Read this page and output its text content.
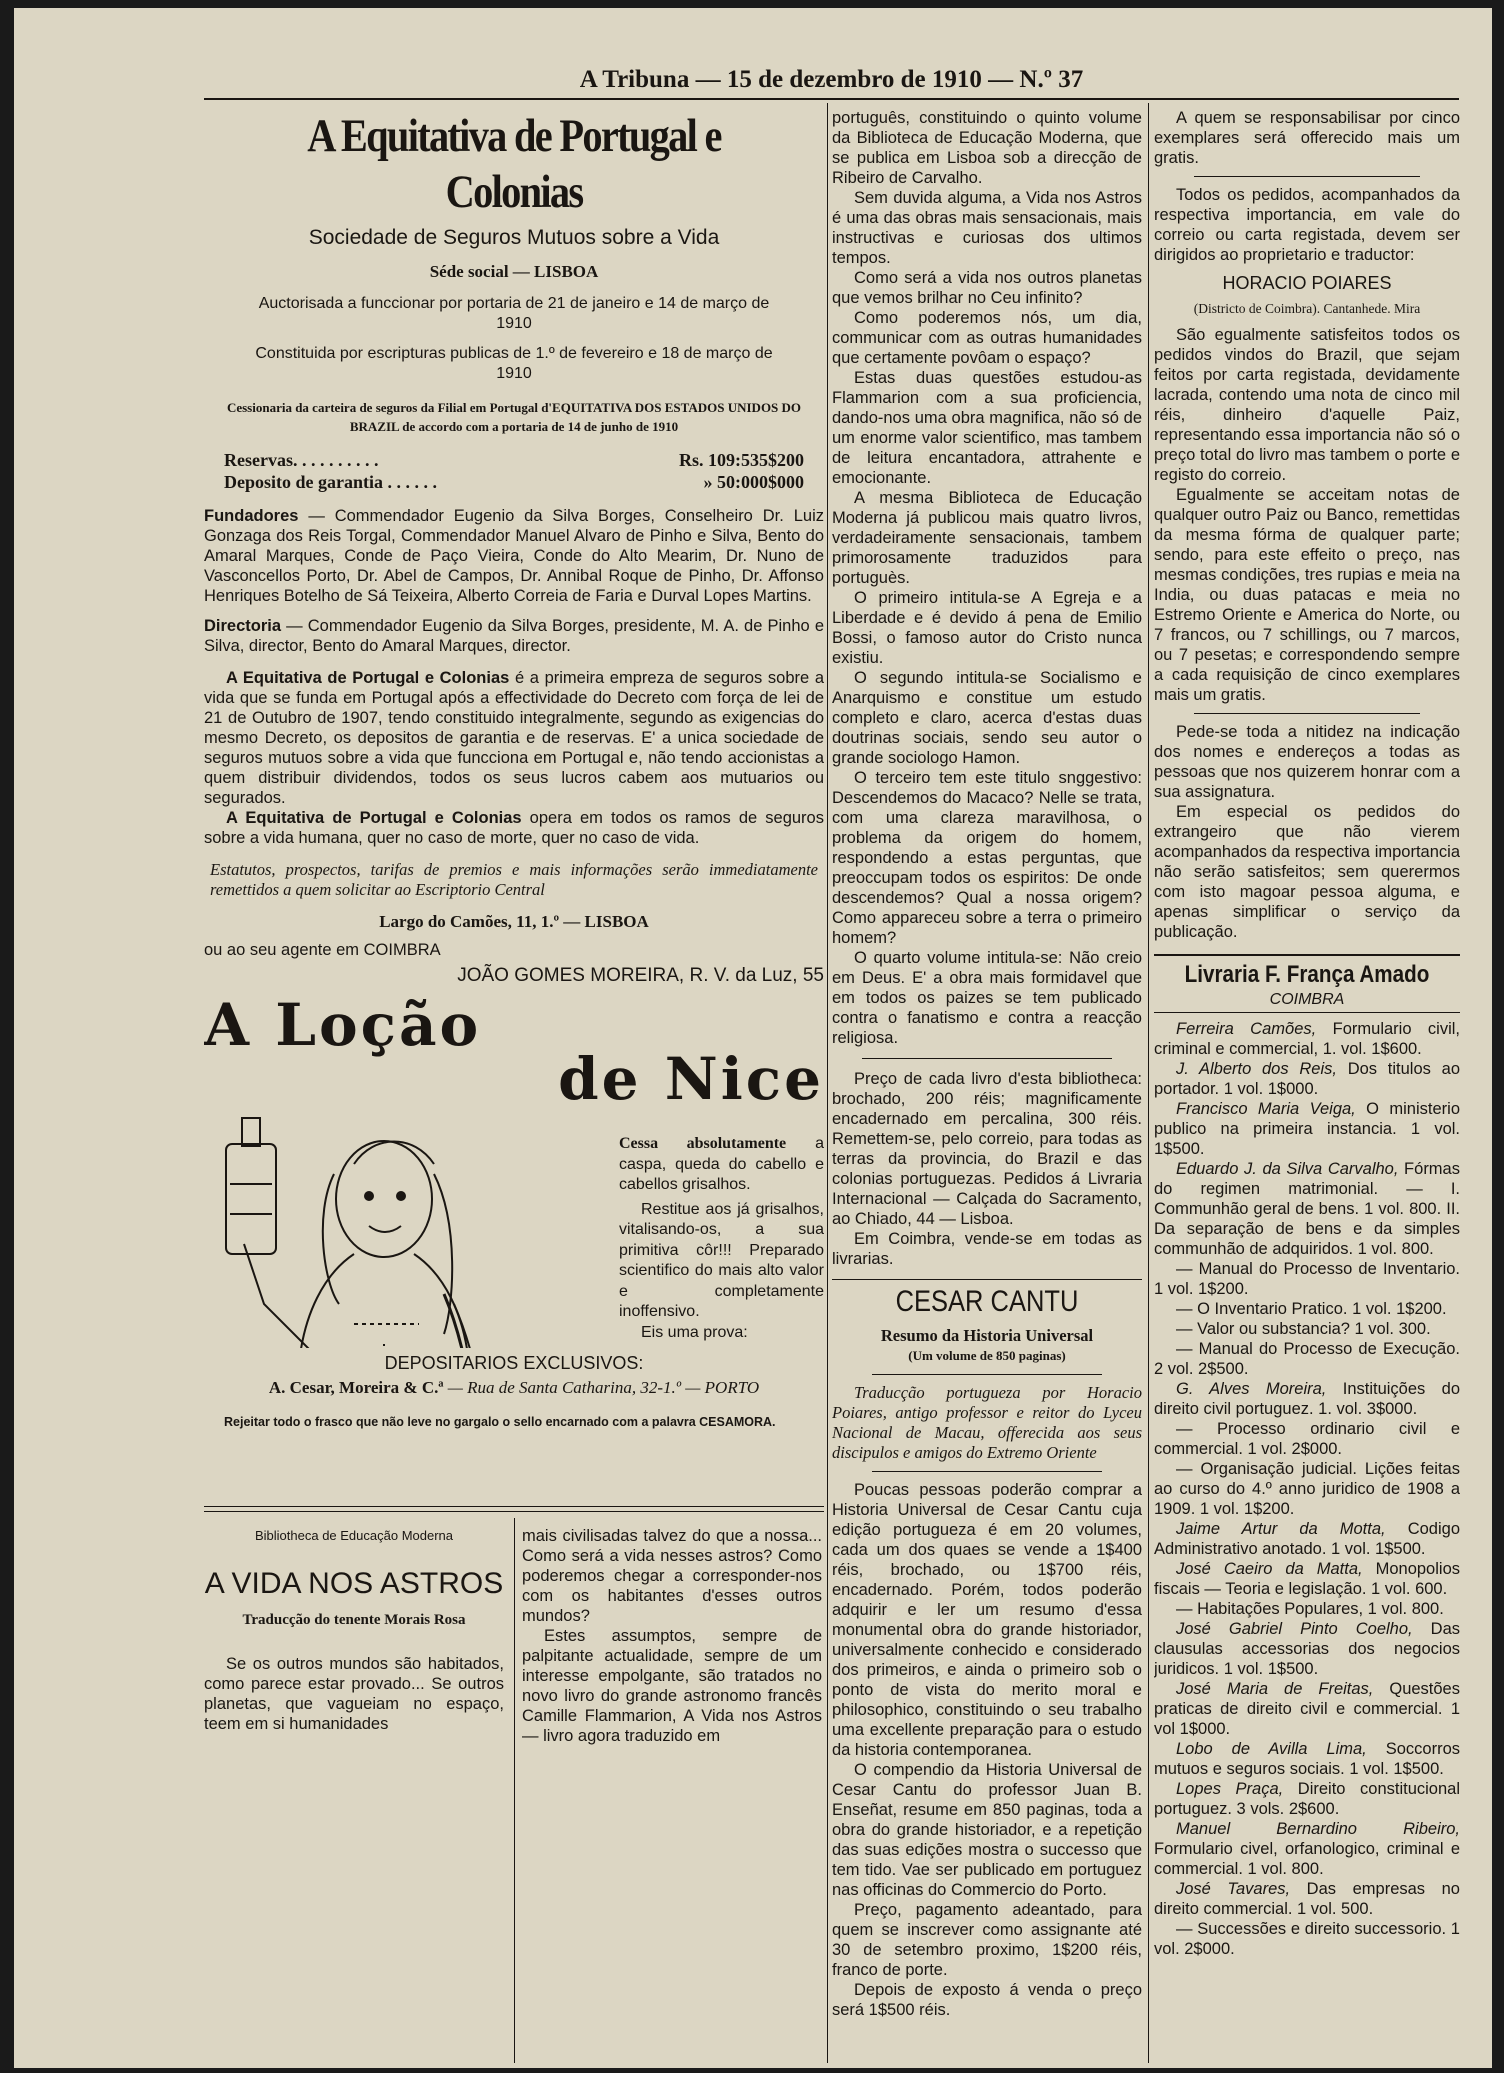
A Tribuna — 15 de dezembro de 1910 — N.º 37
A Equitativa de Portugal e Colonias
Sociedade de Seguros Mutuos sobre a Vida
Séde social — LISBOA
Auctorisada a funccionar por portaria de 21 de janeiro e 14 de março de 1910
Constituida por escripturas publicas de 1.º de fevereiro e 18 de março de 1910
Cessionaria da carteira de seguros da Filial em Portugal d'EQUITATIVA DOS ESTADOS UNIDOS DO BRAZIL de accordo com a portaria de 14 de junho de 1910
Reservas. . . . . . . . . .	Rs. 109:535$200
Deposito de garantia . . . . . .	» 50:000$000

Fundadores — Commendador Eugenio da Silva Borges, Conselheiro Dr. Luiz Gonzaga dos Reis Torgal, Commendador Manuel Alvaro de Pinho e Silva, Bento do Amaral Marques, Conde de Paço Vieira, Conde do Alto Mearim, Dr. Nuno de Vasconcellos Porto, Dr. Abel de Campos, Dr. Annibal Roque de Pinho, Dr. Affonso Henriques Botelho de Sá Teixeira, Alberto Correia de Faria e Durval Lopes Martins.

Directoria — Commendador Eugenio da Silva Borges, presidente, M. A. de Pinho e Silva, director, Bento do Amaral Marques, director.

A Equitativa de Portugal e Colonias é a primeira empreza de seguros sobre a vida que se funda em Portugal após a effectividade do Decreto com força de lei de 21 de Outubro de 1907, tendo constituido integralmente, segundo as exigencias do mesmo Decreto, os depositos de garantia e de reservas. E' a unica sociedade de seguros mutuos sobre a vida que funcciona em Portugal e, não tendo accionistas a quem distribuir dividendos, todos os seus lucros cabem aos mutuarios ou segurados.

A Equitativa de Portugal e Colonias opera em todos os ramos de seguros sobre a vida humana, quer no caso de morte, quer no caso de vida.

Estatutos, prospectos, tarifas de premios e mais informações serão immediatamente remettidos a quem solicitar ao Escriptorio Central

Largo do Camões, 11, 1.º — LISBOA
ou ao seu agente em COIMBRA
JOÃO GOMES MOREIRA, R. V. da Luz, 55
A Loção
de Nice

Cessa absolutamente a caspa, queda do cabello e cabellos grisalhos.

Restitue aos já grisalhos, vitalisando-os, a sua primitiva côr!!! Preparado scientifico do mais alto valor e completamente inoffensivo.

Eis uma prova:

DEPOSITARIOS EXCLUSIVOS:
A. Cesar, Moreira & C.ª — Rua de Santa Catharina, 32-1.º — PORTO
Rejeitar todo o frasco que não leve no gargalo o sello encarnado com a palavra CESAMORA.
Bibliotheca de Educação Moderna
A VIDA NOS ASTROS
Traducção do tenente Morais Rosa

Se os outros mundos são habitados, como parece estar provado... Se outros planetas, que vagueiam no espaço, teem em si humanidades

mais civilisadas talvez do que a nossa... Como será a vida nesses astros? Como poderemos chegar a corresponder-nos com os habitantes d'esses outros mundos?

Estes assumptos, sempre de palpitante actualidade, sempre de um interesse empolgante, são tratados no novo livro do grande astronomo francês Camille Flammarion, A Vida nos Astros — livro agora traduzido em

português, constituindo o quinto volume da Biblioteca de Educação Moderna, que se publica em Lisboa sob a direcção de Ribeiro de Carvalho.

Sem duvida alguma, a Vida nos Astros é uma das obras mais sensacionais, mais instructivas e curiosas dos ultimos tempos.

Como será a vida nos outros planetas que vemos brilhar no Ceu infinito?

Como poderemos nós, um dia, communicar com as outras humanidades que certamente povôam o espaço?

Estas duas questões estudou-as Flammarion com a sua proficiencia, dando-nos uma obra magnifica, não só de um enorme valor scientifico, mas tambem de leitura encantadora, attrahente e emocionante.

A mesma Biblioteca de Educação Moderna já publicou mais quatro livros, verdadeiramente sensacionais, tambem primorosamente traduzidos para portuguès.

O primeiro intitula-se A Egreja e a Liberdade e é devido á pena de Emilio Bossi, o famoso autor do Cristo nunca existiu.

O segundo intitula-se Socialismo e Anarquismo e constitue um estudo completo e claro, acerca d'estas duas doutrinas sociais, sendo seu autor o grande sociologo Hamon.

O terceiro tem este titulo snggestivo: Descendemos do Macaco? Nelle se trata, com uma clareza maravilhosa, o problema da origem do homem, respondendo a estas perguntas, que preoccupam todos os espiritos: De onde descendemos? Qual a nossa origem? Como appareceu sobre a terra o primeiro homem?

O quarto volume intitula-se: Não creio em Deus. E' a obra mais formidavel que em todos os paizes se tem publicado contra o fanatismo e contra a reacção religiosa.

Preço de cada livro d'esta bibliotheca: brochado, 200 réis; magnificamente encadernado em percalina, 300 réis. Remettem-se, pelo correio, para todas as terras da provincia, do Brazil e das colonias portuguezas. Pedidos á Livraria Internacional — Calçada do Sacramento, ao Chiado, 44 — Lisboa.

Em Coimbra, vende-se em todas as livrarias.

CESAR CANTU
Resumo da Historia Universal
(Um volume de 850 paginas)

Traducção portugueza por Horacio Poiares, antigo professor e reitor do Lyceu Nacional de Macau, offerecida aos seus discipulos e amigos do Extremo Oriente

Poucas pessoas poderão comprar a Historia Universal de Cesar Cantu cuja edição portugueza é em 20 volumes, cada um dos quaes se vende a 1$400 réis, brochado, ou 1$700 réis, encadernado. Porém, todos poderão adquirir e ler um resumo d'essa monumental obra do grande historiador, universalmente conhecido e considerado dos primeiros, e ainda o primeiro sob o ponto de vista do merito moral e philosophico, constituindo o seu trabalho uma excellente preparação para o estudo da historia contemporanea.

O compendio da Historia Universal de Cesar Cantu do professor Juan B. Enseñat, resume em 850 paginas, toda a obra do grande historiador, e a repetição das suas edições mostra o successo que tem tido. Vae ser publicado em portuguez nas officinas do Commercio do Porto.

Preço, pagamento adeantado, para quem se inscrever como assignante até 30 de setembro proximo, 1$200 réis, franco de porte.

Depois de exposto á venda o preço será 1$500 réis.

A quem se responsabilisar por cinco exemplares será offerecido mais um gratis.

Todos os pedidos, acompanhados da respectiva importancia, em vale do correio ou carta registada, devem ser dirigidos ao proprietario e traductor:

HORACIO POIARES
(Districto de Coimbra). Cantanhede. Mira

São egualmente satisfeitos todos os pedidos vindos do Brazil, que sejam feitos por carta registada, devidamente lacrada, contendo uma nota de cinco mil réis, dinheiro d'aquelle Paiz, representando essa importancia não só o preço total do livro mas tambem o porte e registo do correio.

Egualmente se acceitam notas de qualquer outro Paiz ou Banco, remettidas da mesma fórma de qualquer parte; sendo, para este effeito o preço, nas mesmas condições, tres rupias e meia na India, ou duas patacas e meia no Estremo Oriente e America do Norte, ou 7 francos, ou 7 schillings, ou 7 marcos, ou 7 pesetas; e correspondendo sempre a cada requisição de cinco exemplares mais um gratis.

Pede-se toda a nitidez na indicação dos nomes e endereços a todas as pessoas que nos quizerem honrar com a sua assignatura.

Em especial os pedidos do extrangeiro que não vierem acompanhados da respectiva importancia não serão satisfeitos; sem querermos com isto magoar pessoa alguma, e apenas simplificar o serviço da publicação.

Livraria F. França Amado
COIMBRA

Ferreira Camões, Formulario civil, criminal e commercial, 1. vol. 1$600.

J. Alberto dos Reis, Dos titulos ao portador. 1 vol. 1$000.

Francisco Maria Veiga, O ministerio publico na primeira instancia. 1 vol. 1$500.

Eduardo J. da Silva Carvalho, Fórmas do regimen matrimonial. — I. Communhão geral de bens. 1 vol. 800. II. Da separação de bens e da simples communhão de adquiridos. 1 vol. 800.

— Manual do Processo de Inventario. 1 vol. 1$200.

— O Inventario Pratico. 1 vol. 1$200.

— Valor ou substancia? 1 vol. 300.

— Manual do Processo de Execução. 2 vol. 2$500.

G. Alves Moreira, Instituições do direito civil portuguez. 1. vol. 3$000.

— Processo ordinario civil e commercial. 1 vol. 2$000.

— Organisação judicial. Lições feitas ao curso do 4.º anno juridico de 1908 a 1909. 1 vol. 1$200.

Jaime Artur da Motta, Codigo Administrativo anotado. 1 vol. 1$500.

José Caeiro da Matta, Monopolios fiscais — Teoria e legislação. 1 vol. 600.

— Habitações Populares, 1 vol. 800.

José Gabriel Pinto Coelho, Das clausulas accessorias dos negocios juridicos. 1 vol. 1$500.

José Maria de Freitas, Questões praticas de direito civil e commercial. 1 vol 1$000.

Lobo de Avilla Lima, Soccorros mutuos e seguros sociais. 1 vol. 1$500.

Lopes Praça, Direito constitucional portuguez. 3 vols. 2$600.

Manuel Bernardino Ribeiro, Formulario civel, orfanologico, criminal e commercial. 1 vol. 800.

José Tavares, Das empresas no direito commercial. 1 vol. 500.

— Successões e direito successorio. 1 vol. 2$000.
